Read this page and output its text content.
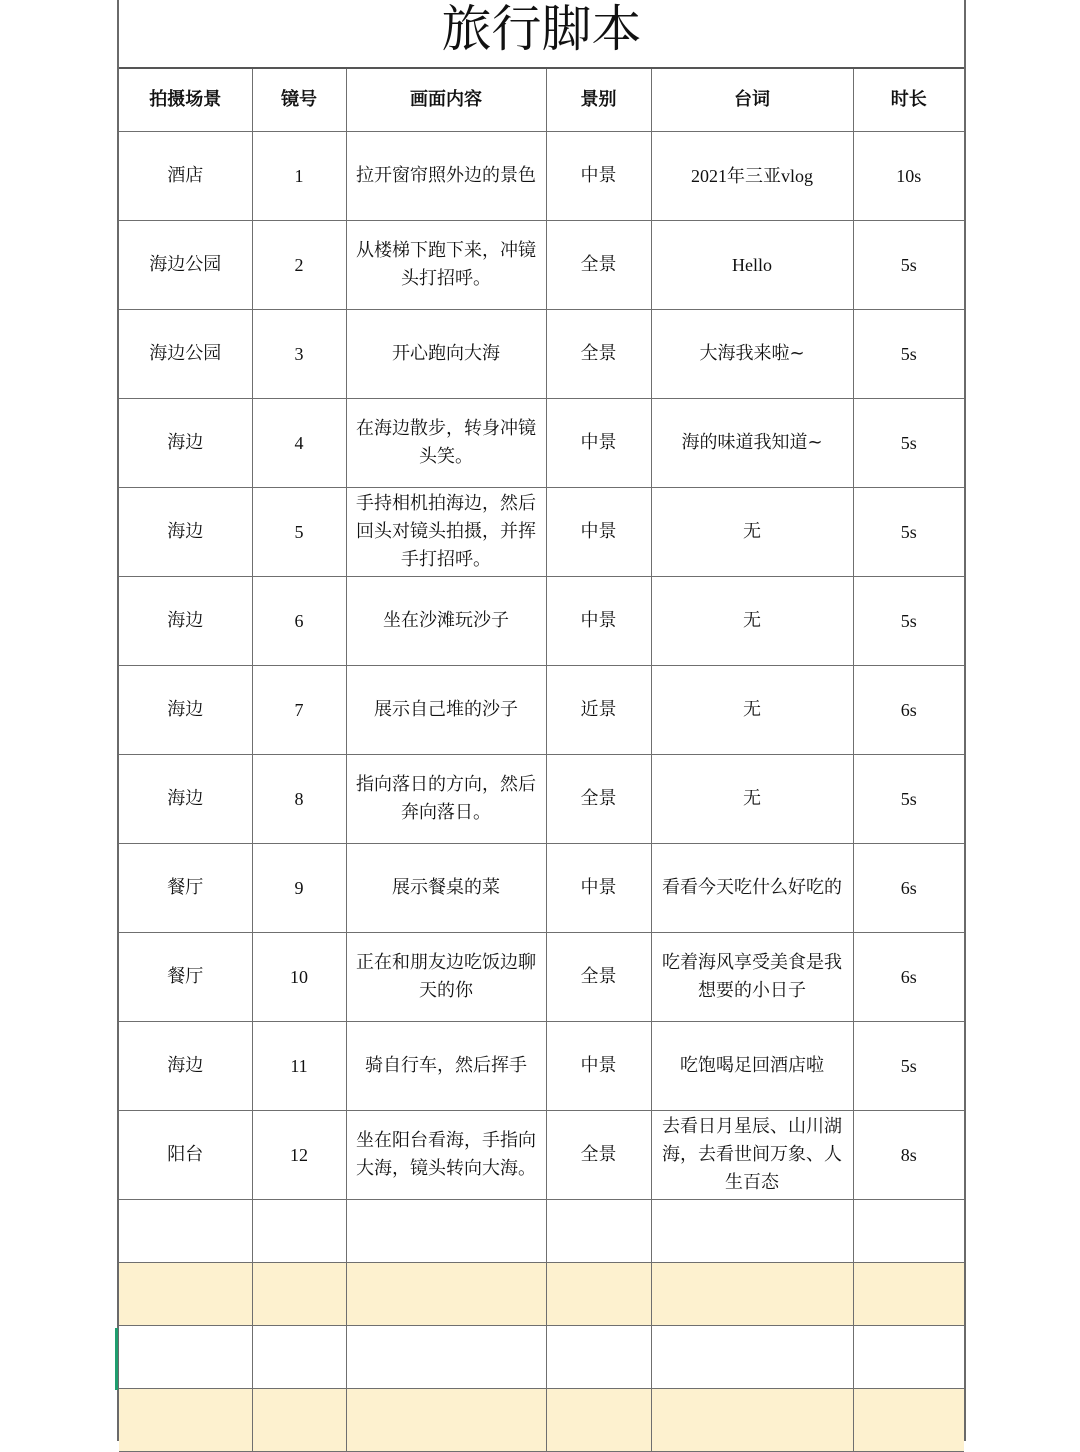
旅行脚本
拍摄场景	镜号	画面内容	景别	台词	时长
酒店	1	拉开窗帘照外边的景色	中景	2021年三亚vlog	10s
海边公园	2	从楼梯下跑下来，冲镜头打招呼。	全景	Hello	5s
海边公园	3	开心跑向大海	全景	大海我来啦~	5s
海边	4	在海边散步，转身冲镜头笑。	中景	海的味道我知道~	5s
海边	5	手持相机拍海边，然后回头对镜头拍摄，并挥手打招呼。	中景	无	5s
海边	6	坐在沙滩玩沙子	中景	无	5s
海边	7	展示自己堆的沙子	近景	无	6s
海边	8	指向落日的方向，然后奔向落日。	全景	无	5s
餐厅	9	展示餐桌的菜	中景	看看今天吃什么好吃的	6s
餐厅	10	正在和朋友边吃饭边聊天的你	全景	吃着海风享受美食是我想要的小日子	6s
海边	11	骑自行车，然后挥手	中景	吃饱喝足回酒店啦	5s
阳台	12	坐在阳台看海，手指向大海，镜头转向大海。	全景	去看日月星辰、山川湖海，去看世间万象、人生百态	8s
